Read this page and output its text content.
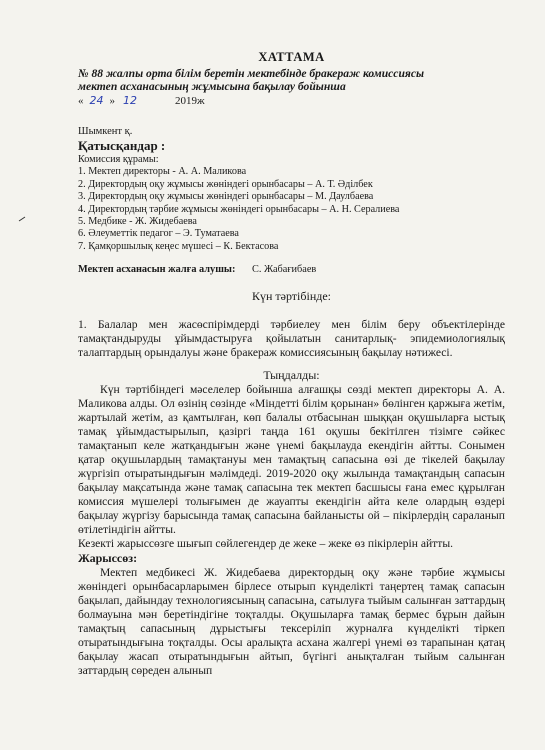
ХАТТАМА
№ 88 жалпы орта білім беретін мектебінде бракераж комиссиясы
мектеп асханасының жұмысына бақылау бойынша
« 24 » 12	2019ж
Шымкент қ.
Қатысқандар :
Комиссия құрамы:
1. Мектеп директоры - А. А. Маликова
2. Директордың оқу жұмысы жөніндегі орынбасары – А. Т. Әділбек
3. Директордың оқу жұмысы жөніндегі орынбасары – М. Даулбаева
4. Директордың тәрбие жұмысы жөніндегі орынбасары – А. Н. Сералиева
5. Медбике - Ж. Жидебаева
6. Әлеуметтік педагог – Э. Туматаева
7. Қамқоршылық кеңес мүшесі – К. Бектасова
Мектеп асханасын жалға алушы: С. Жабағибаев
Күн тәртібінде:
1. Балалар мен жасөспірімдерді тәрбиелеу мен білім беру объектілерінде тамақтандыруды ұйымдастыруға қойылатын санитарлық- эпидемиологиялық талаптардың орындалуы және бракераж комиссиясының бақылау нәтижесі.
Тыңдалды:
Күн тәртібіндегі мәселелер бойынша алғашқы сөзді мектеп директоры А. А. Маликова алды. Ол өзінің сөзінде «Міндетті білім қорынан» бөлінген қаржыға жетім, жартылай жетім, аз қамтылған, көп балалы отбасынан шыққан оқушыларға ыстық тамақ ұйымдастырылып, қазіргі таңда 161 оқушы бекітілген тізімге сәйкес тамақтанып келе жатқандығын және үнемі бақылауда екендігін айтты. Сонымен қатар оқушылардың тамақтануы мен тамақтың сапасына өзі де тікелей бақылау жүргізіп отыратындығын мәлімдеді. 2019-2020 оқу жылында тамақтандың сапасын бақылау мақсатында және тамақ сапасына тек мектеп басшысы ғана емес құрылған комиссия мүшелері толығымен де жауапты екендігін айта келе олардың өздері бақылау жүргізу барысында тамақ сапасына байланысты ой – пікірлердің сараланып өтілетіндігін айтты.
Кезекті жарыссөзге шығып сөйлегендер де жеке – жеке өз пікірлерін айтты.
Жарыссөз:
Мектеп медбикесі Ж. Жидебаева директордың оқу және тәрбие жұмысы жөніндегі орынбасарларымен бірлесе отырып күнделікті таңертең тамақ сапасын бақылап, дайындау технологиясының сапасына, сатылуға тыйым салынған заттардың болмауына мән беретіндігіне тоқталды. Оқушыларға тамақ бермес бұрын дайын тамақтың сапасының дұрыстығы тексеріліп журналға күнделікті тіркеп отыратындығына тоқталды. Осы аралықта асхана жалгері үнемі өз тарапынан қатаң бақылау жасап отыратындығын айтып, бүгінгі анықталған тыйым салынған заттардың сөреден алынып
